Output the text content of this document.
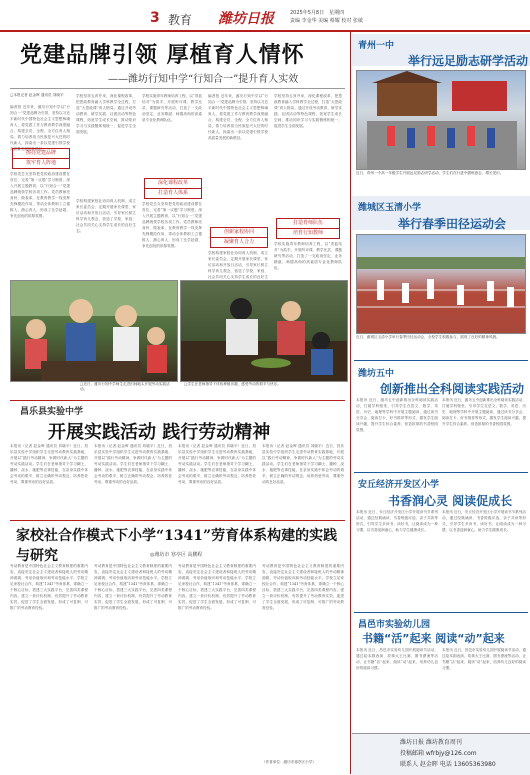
3 教育 潍坊日报	2025年5月8日　星期四
责编 李金华 美编 蔡耀 校对 张敏
党建品牌引领 厚植育人情怀
——潍坊行知中学“行知合一”提升育人实效
□本报记者 赵金晖 通讯员 刘晓平
编者按 近年来，潍坊行知中学以“行知合一”党建品牌为引领，坚持以习近平新时代中国特色社会主义思想铸魂育人，将党建工作与教育教学深度融合，构建全员、全程、全方位育人格局，着力培养担当民族复兴大任的时代新人，探索出一条以党建引领学校高质量发展的新路径。
擦亮党建品牌
筑牢育人阵地
学校党总支坚持把党的政治建设摆在首位，完善“第一议题”学习制度，深入开展主题教育，以“行知合一”党建品牌统领学校各项工作。党员教师亮身份、做表率，在教育教学一线发挥先锋模范作用，带动全体教职工立德树人、潜心育人，形成了比学赶超、争先创优的浓厚氛围。
学校坚持五育并举，深化课程改革，把思政教育融入学科教学全过程，打造“大思政课”育人格局。通过开设劳动教育、研学实践、社团活动等特色课程，拓宽学生成长空间，推动知识学习与实践锻炼相统一，促进学生全面发展。
学校构建家校社协同育人机制，成立家长委员会，定期开展家长课堂、家访活动和开放日活动，引导家长树立科学育儿观念，营造了学校、家庭、社会共同关心支持学生成长的良好生态。
学校实施青年教师培养工程，以“青蓝结对”为抓手，开展听评课、教学比武、课题研究等活动，打造了一支政治坚定、业务精湛、师德高尚的高素质专业化教师队伍。
深化课程改革
打造育人体系
学校党总支坚持把党的政治建设摆在首位，完善“第一议题”学习制度，深入开展主题教育，以“行知合一”党建品牌统领学校各项工作。党员教师亮身份、做表率，在教育教学一线发挥先锋模范作用，带动全体教职工立德树人、潜心育人，形成了比学赶超、争先创优的浓厚氛围。
编者按 近年来，潍坊行知中学以“行知合一”党建品牌为引领，坚持以习近平新时代中国特色社会主义思想铸魂育人，将党建工作与教育教学深度融合，构建全员、全程、全方位育人格局，着力培养担当民族复兴大任的时代新人，探索出一条以党建引领学校高质量发展的新路径。
创新家校协同
凝聚育人合力
学校构建家校社协同育人机制，成立家长委员会，定期开展家长课堂、家访活动和开放日活动，引导家长树立科学育儿观念，营造了学校、家庭、社会共同关心支持学生成长的良好生
学校坚持五育并举，深化课程改革，把思政教育融入学科教学全过程，打造“大思政课”育人格局。通过开设劳动教育、研学实践、社团活动等特色课程，拓宽学生成长空间，推动知识学习与实践锻炼相统一，促进学生全面发展。
打造育师队伍
培育行知教师
学校实施青年教师培养工程，以“青蓝结对”为抓手，开展听评课、教学比武、课题研究等活动，打造了一支政治坚定、业务精湛、师德高尚的高素质专业化教师队伍。
□近日，潍坊行知中学师生走进田间地头开展劳动实践活动。
□学生在老师指导下体验种植乐趣，感受劳动的艰辛与快乐。
昌乐县实验中学
开展实践活动 践行劳动精神
本报讯（记者 赵金晖 通讯员 刘晓平）近日，昌乐县实验中学组织学生走进劳动教育实践基地，开展以“践行劳动精神，争做时代新人”为主题的劳动实践活动。学生们在老师指导下学习翻土、播种、浇水、施肥等农事技能，在亲身实践中体会劳动的艰辛，树立正确的劳动观念，培养热爱劳动、尊重劳动的良好品质。
本报讯（记者 赵金晖 通讯员 刘晓平）近日，昌乐县实验中学组织学生走进劳动教育实践基地，开展以“践行劳动精神，争做时代新人”为主题的劳动实践活动。学生们在老师指导下学习翻土、播种、浇水、施肥等农事技能，在亲身实践中体会劳动的艰辛，树立正确的劳动观念，培养热爱劳动、尊重劳动的良好品质。
本报讯（记者 赵金晖 通讯员 刘晓平）近日，昌乐县实验中学组织学生走进劳动教育实践基地，开展以“践行劳动精神，争做时代新人”为主题的劳动实践活动。学生们在老师指导下学习翻土、播种、浇水、施肥等农事技能，在亲身实践中体会劳动的艰辛，树立正确的劳动观念，培养热爱劳动、尊重劳动的良好品质。
本报讯（记者 赵金晖 通讯员 刘晓平）近日，昌乐县实验中学组织学生走进劳动教育实践基地，开展以“践行劳动精神，争做时代新人”为主题的劳动实践活动。学生们在老师指导下学习翻土、播种、浇水、施肥等农事技能，在亲身实践中体会劳动的艰辛，树立正确的劳动观念，培养热爱劳动、尊重劳动的良好品质。
家校社合作模式下小学“1341”劳育体系构建的实践与研究	◎潍坊市 寒亭区 高鹏程
劳动教育是中国特色社会主义教育制度的重要内容，直接决定社会主义建设者和接班人的劳动精神面貌、劳动价值取向和劳动技能水平。学校立足家校社合作，构建“1341”劳育体系，即确立一个核心目标，搭建三大实践平台，完善四类课程内容，建立一套评价机制，有效提升了劳动教育实效，促进了学生全面发展，形成了可复制、可推广的劳动教育经验。
劳动教育是中国特色社会主义教育制度的重要内容，直接决定社会主义建设者和接班人的劳动精神面貌、劳动价值取向和劳动技能水平。学校立足家校社合作，构建“1341”劳育体系，即确立一个核心目标，搭建三大实践平台，完善四类课程内容，建立一套评价机制，有效提升了劳动教育实效，促进了学生全面发展，形成了可复制、可推广的劳动教育经验。
劳动教育是中国特色社会主义教育制度的重要内容，直接决定社会主义建设者和接班人的劳动精神面貌、劳动价值取向和劳动技能水平。学校立足家校社合作，构建“1341”劳育体系，即确立一个核心目标，搭建三大实践平台，完善四类课程内容，建立一套评价机制，有效提升了劳动教育实效，促进了学生全面发展，形成了可复制、可推广的劳动教育经验。
劳动教育是中国特色社会主义教育制度的重要内容，直接决定社会主义建设者和接班人的劳动精神面貌、劳动价值取向和劳动技能水平。学校立足家校社合作，构建“1341”劳育体系，即确立一个核心目标，搭建三大实践平台，完善四类课程内容，建立一套评价机制，有效提升了劳动教育实效，促进了学生全面发展，形成了可复制、可推广的劳动教育经验。
（作者单位：潍坊市寒亭区小学）
青州一中
举行远足励志研学活动
近日，青州一中高一年级学生开展远足励志研学活动，学生们在行进中磨炼意志、增长见识。
潍城区玉清小学
举行春季田径运动会
近日，潍城区玉清小学举行春季田径运动会，全校学生积极参与，展现了良好的精神风貌。
潍坊五中
创新推出全科阅读实践活动
本报讯 近日，潍坊五中创新推出全科阅读实践活动，打破学科壁垒，引导学生在语文、数学、英语、历史、地理等学科中开展主题阅读，通过读书分享会、阅读打卡、好书推荐等形式，激发学生阅读兴趣，提升学生综合素养，营造浓厚的书香校园氛围。
本报讯 近日，潍坊五中创新推出全科阅读实践活动，打破学科壁垒，引导学生在语文、数学、英语、历史、地理等学科中开展主题阅读，通过读书分享会、阅读打卡、好书推荐等形式，激发学生阅读兴趣，提升学生综合素养，营造浓厚的书香校园氛围。
安丘经济开发区小学
书香润心灵 阅读促成长
本报讯 近日，安丘经济开发区小学开展读书节系列活动，通过经典诵读、书香班级评选、亲子共读等形式，引导学生多读书、读好书，让阅读成为一种习惯，以书香浸润童心，助力学生健康成长。
本报讯 近日，安丘经济开发区小学开展读书节系列活动，通过经典诵读、书香班级评选、亲子共读等形式，引导学生多读书、读好书，让阅读成为一种习惯，以书香浸润童心，助力学生健康成长。
昌邑市实验幼儿园
书籍“活”起来 阅读“动”起来
本报讯 近日，昌邑市实验幼儿园开展阅读节活动，通过绘本剧表演、故事大王比赛、图书漂流等活动，让书籍“活”起来、阅读“动”起来，培养幼儿良好的阅读习惯。
本报讯 近日，昌邑市实验幼儿园开展阅读节活动，通过绘本剧表演、故事大王比赛、图书漂流等活动，让书籍“活”起来、阅读“动”起来，培养幼儿良好的阅读习惯。
潍坊日报 潍坊教育周刊
投稿邮箱 wfrbjy@126.com
联系人 赵金晖 电话 13605363980
